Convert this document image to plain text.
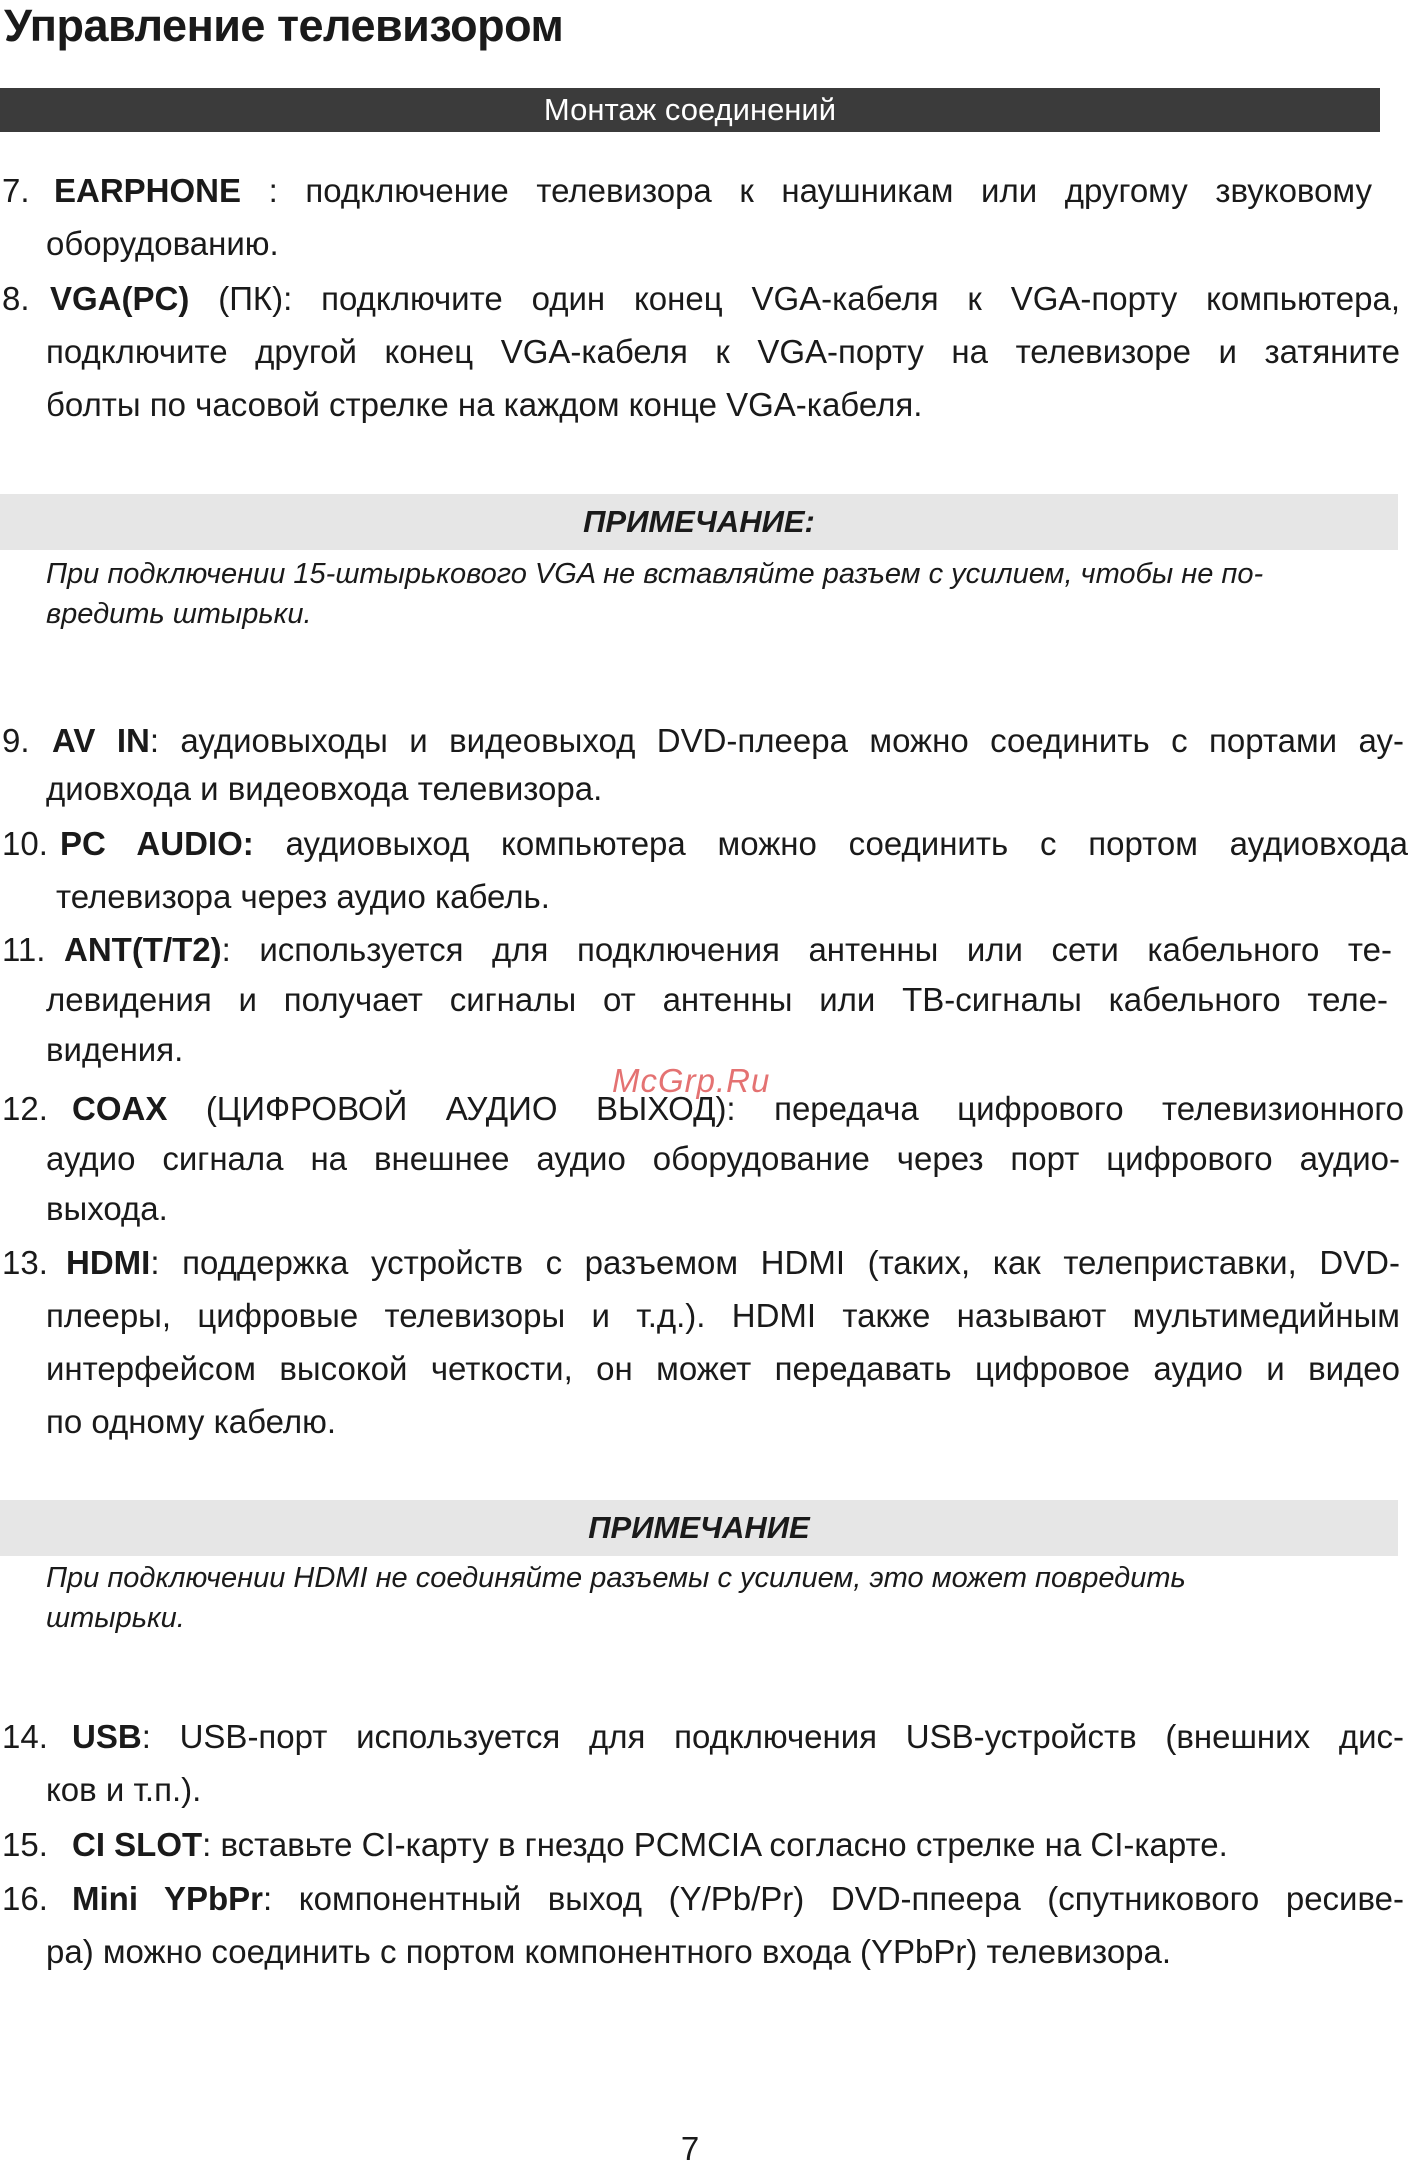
Управление телевизором
Монтаж соединений
7. EARPHONE : подключение телевизора к наушникам или другому звуковому
оборудованию.
8. VGA(PC) (ПК): подключите один конец VGA-кабеля к VGA-порту компьютера,
подключите другой конец VGA-кабеля к VGA-порту на телевизоре и затяните
болты по часовой стрелке на каждом конце VGA-кабеля.
ПРИМЕЧАНИЕ:
При подключении 15-штырькового VGA не вставляйте разъем с усилием, чтобы не по-
вредить штырьки.
9. AV IN: аудиовыходы и видеовыход DVD-плеера можно соединить с портами ау-
диовхода и видеовхода телевизора.
10. PC AUDIO: аудиовыход компьютера можно соединить с портом аудиовхода
телевизора через аудио кабель.
11. ANT(T/T2): используется для подключения антенны или сети кабельного те-
левидения и получает сигналы от антенны или ТВ-сигналы кабельного теле-
видения.
12. COAX (ЦИФРОВОЙ АУДИО ВЫХОД): передача цифрового телевизионного
аудио сигнала на внешнее аудио оборудование через порт цифрового аудио-
выхода.
McGrp.Ru
13. HDMI: поддержка устройств с разъемом HDMI (таких, как телеприставки, DVD-
плееры, цифровые телевизоры и т.д.). HDMI также называют мультимедийным
интерфейсом высокой четкости, он может передавать цифровое аудио и видео
по одному кабелю.
ПРИМЕЧАНИЕ
При подключении HDMI не соединяйте разъемы с усилием, это может повредить
штырьки.
14. USB: USB-порт используется для подключения USB-устройств (внешних дис-
ков и т.п.).
15. CI SLOT: вставьте CI-карту в гнездо PCMCIA согласно стрелке на CI-карте.
16. Mini YPbPr: компонентный выход (Y/Pb/Pr) DVD-ппеера (спутникового ресиве-
ра) можно соединить с портом компонентного входа (YPbPr) телевизора.
7
